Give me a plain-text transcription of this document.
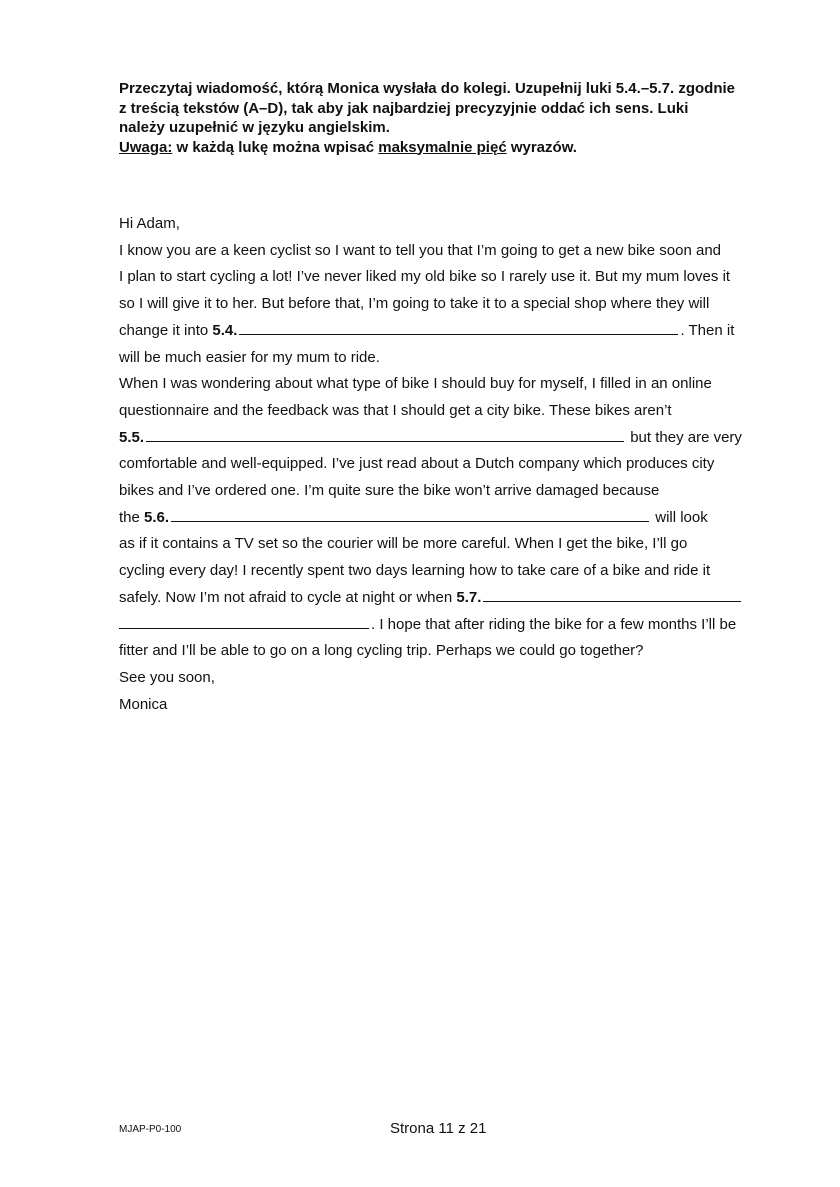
Przeczytaj wiadomość, którą Monica wysłała do kolegi. Uzupełnij luki 5.4.–5.7. zgodnie

z treścią tekstów (A–D), tak aby jak najbardziej precyzyjnie oddać ich sens. Luki

należy uzupełnić w języku angielskim.

Uwaga: w każdą lukę można wpisać maksymalnie pięć wyrazów.

Hi Adam,
I know you are a keen cyclist so I want to tell you that I’m going to get a new bike soon and
I plan to start cycling a lot! I’ve never liked my old bike so I rarely use it. But my mum loves it
so I will give it to her. But before that, I’m going to take it to a special shop where they will
change it into 5.4.	. Then it
will be much easier for my mum to ride.
When I was wondering about what type of bike I should buy for myself, I filled in an online
questionnaire and the feedback was that I should get a city bike. These bikes aren’t
5.5.	but they are very
comfortable and well-equipped. I’ve just read about a Dutch company which produces city
bikes and I’ve ordered one. I’m quite sure the bike won’t arrive damaged because
the 5.6.	will look
as if it contains a TV set so the courier will be more careful. When I get the bike, I’ll go
cycling every day! I recently spent two days learning how to take care of a bike and ride it
safely. Now I’m not afraid to cycle at night or when 5.7.
. I hope that after riding the bike for a few months I’ll be
fitter and I’ll be able to go on a long cycling trip. Perhaps we could go together?
See you soon,
Monica
MJAP-P0-100	Strona 11 z 21
